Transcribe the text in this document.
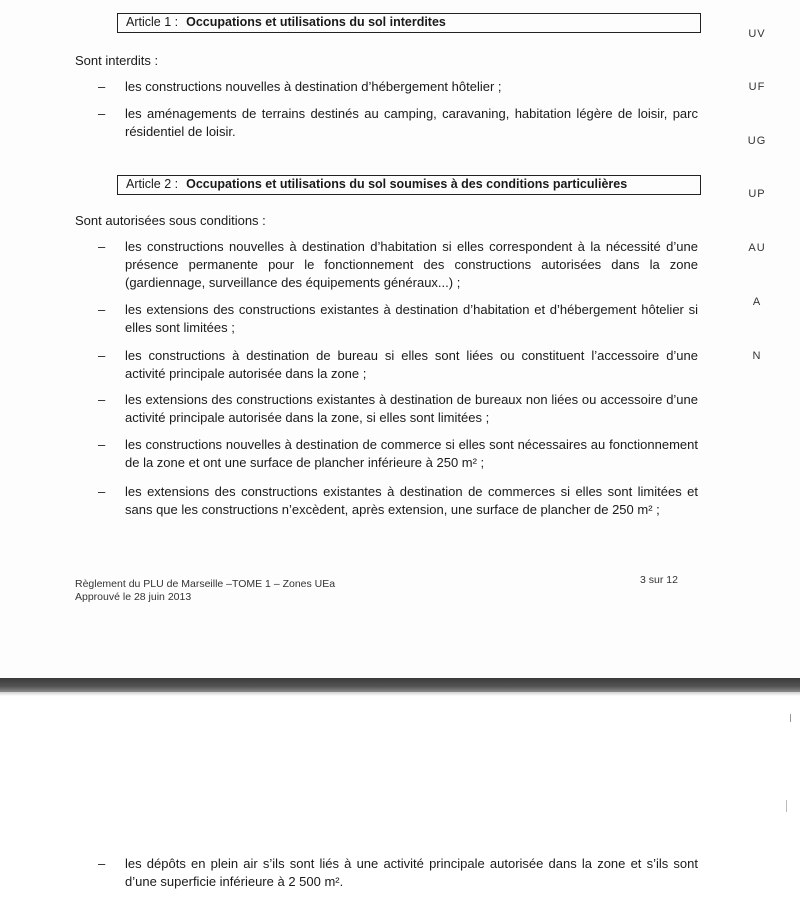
Article 1 : Occupations et utilisations du sol interdites
Sont interdits :
–	les constructions nouvelles à destination d’hébergement hôtelier ;
–	les aménagements de terrains destinés au camping, caravaning, habitation légère de loisir, parc résidentiel de loisir.
Article 2 : Occupations et utilisations du sol soumises à des conditions particulières
Sont autorisées sous conditions :
–	les constructions nouvelles à destination d’habitation si elles correspondent à la nécessité d’une présence permanente pour le fonctionnement des constructions autorisées dans la zone (gardiennage, surveillance des équipements généraux...) ;
–	les extensions des constructions existantes à destination d’habitation et d’hébergement hôtelier si elles sont limitées ;
–	les constructions à destination de bureau si elles sont liées ou constituent l’accessoire d’une activité principale autorisée dans la zone ;
–	les extensions des constructions existantes à destination de bureaux non liées ou accessoire d’une activité principale autorisée dans la zone, si elles sont limitées ;
–	les constructions nouvelles à destination de commerce si elles sont nécessaires au fonctionnement de la zone et ont une surface de plancher inférieure à 250 m² ;
–	les extensions des constructions existantes à destination de commerces si elles sont limitées et sans que les constructions n’excèdent, après extension, une surface de plancher de 250 m² ;
UV
UF
UG
UP
AU
A
N
Règlement du PLU de Marseille –TOME 1 – Zones UEa
Approuvé le 28 juin 2013
3 sur 12
–	les dépôts en plein air s’ils sont liés à une activité principale autorisée dans la zone et s’ils sont d’une superficie inférieure à 2 500 m².
